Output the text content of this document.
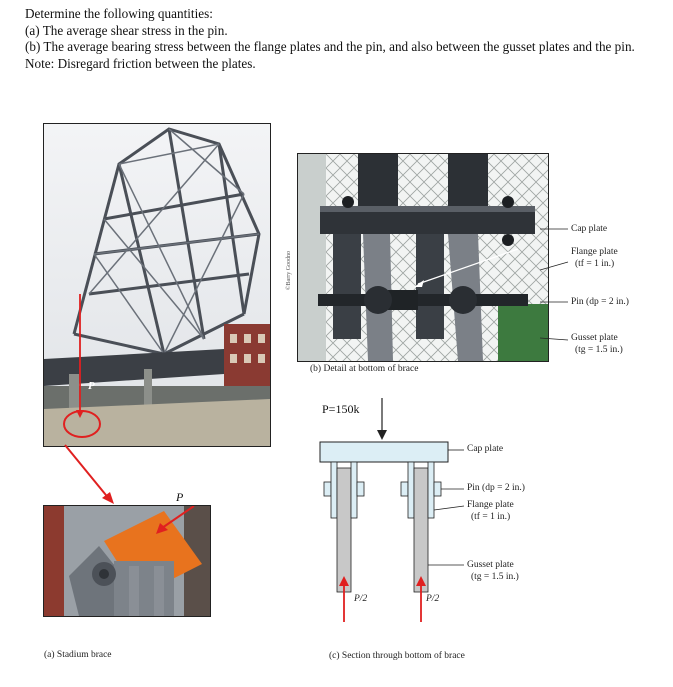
Determine the following quantities:
(a) The average shear stress in the pin.
(b) The average bearing stress between the flange plates and the pin, and also between the gusset plates and the pin.
Note: Disregard friction between the plates.
P
P
(a) Stadium brace
©Barry Goodno
Cap plate
Flange plate
(tf = 1 in.)
Pin (dp = 2 in.)
Gusset plate
(tg = 1.5 in.)
(b) Detail at bottom of brace
P=150k
Cap plate
Pin (dp = 2 in.)
Flange plate
(tf = 1 in.)
Gusset plate
(tg = 1.5 in.)
P/2	P/2
(c) Section through bottom of brace
